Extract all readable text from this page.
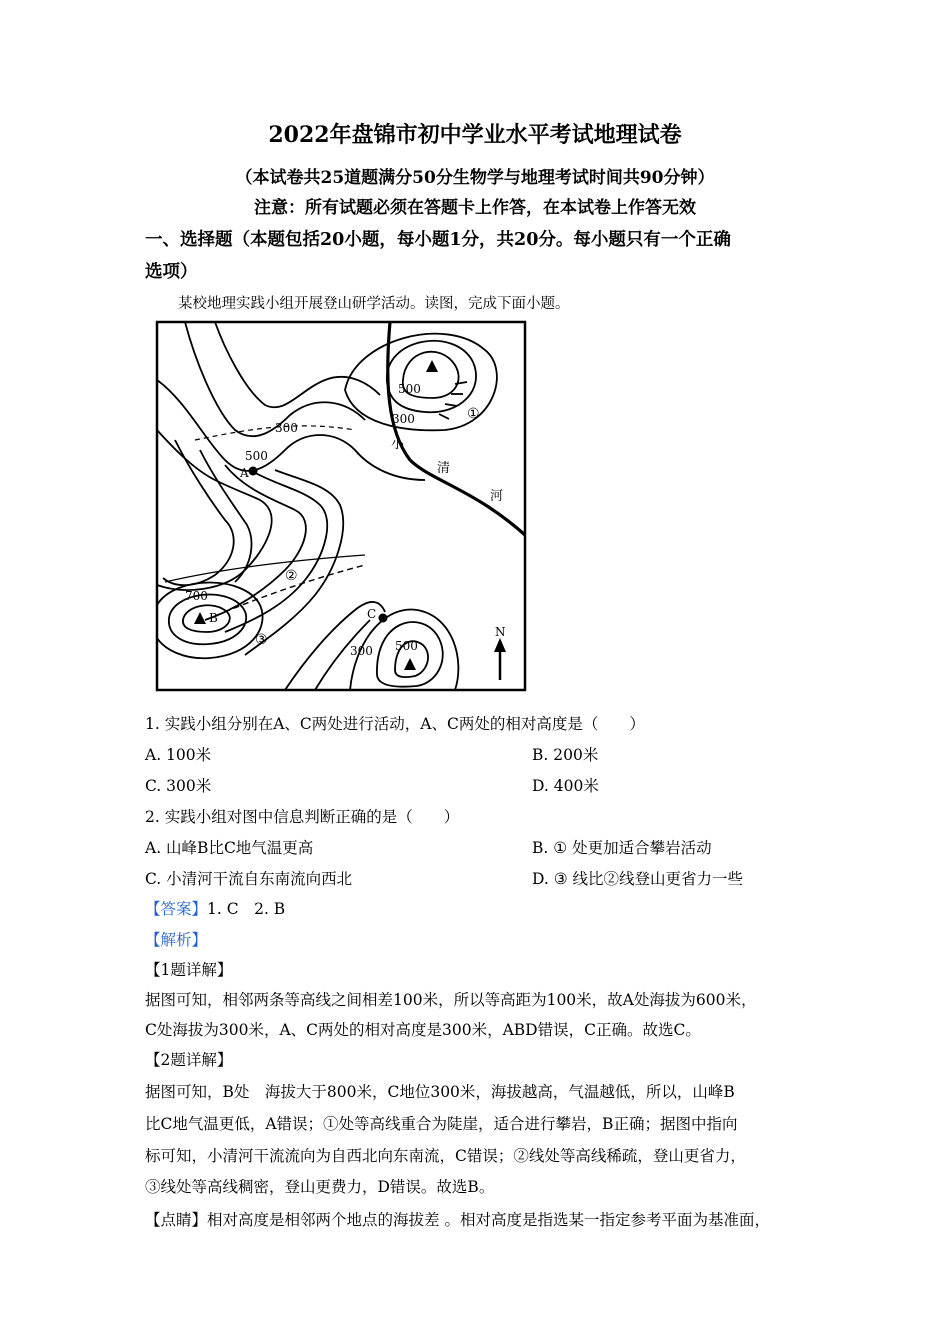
2022年盘锦市初中学业水平考试地理试卷
（本试卷共25道题满分50分生物学与地理考试时间共90分钟）
注意：所有试题必须在答题卡上作答，在本试卷上作答无效
一、选择题（本题包括20小题，每小题1分，共20分。每小题只有一个正确
选项）
某校地理实践小组开展登山研学活动。读图，完成下面小题。
500
300
300
500
700
300 500
A
B	C
①
②
③
小
清
河
N
1. 实践小组分别在A、C两处进行活动，A、C两处的相对高度是（　　）
A. 100米	B. 200米
C. 300米	D. 400米
2. 实践小组对图中信息判断正确的是（　　）
A. 山峰B比C地气温更高	B. ① 处更加适合攀岩活动
C. 小清河干流自东南流向西北	D. ③ 线比②线登山更省力一些
【答案】1. C　2. B
【解析】
【1题详解】
据图可知，相邻两条等高线之间相差100米，所以等高距为100米，故A处海拔为600米，
C处海拔为300米，A、C两处的相对高度是300米，ABD错误，C正确。故选C。
【2题详解】
据图可知，B处　海拔大于800米，C地位300米，海拔越高，气温越低，所以，山峰B
比C地气温更低，A错误；①处等高线重合为陡崖，适合进行攀岩，B正确；据图中指向
标可知，小清河干流流向为自西北向东南流，C错误；②线处等高线稀疏，登山更省力，
③线处等高线稠密，登山更费力，D错误。故选B。
【点睛】相对高度是相邻两个地点的海拔差 。相对高度是指选某一指定参考平面为基准面，
